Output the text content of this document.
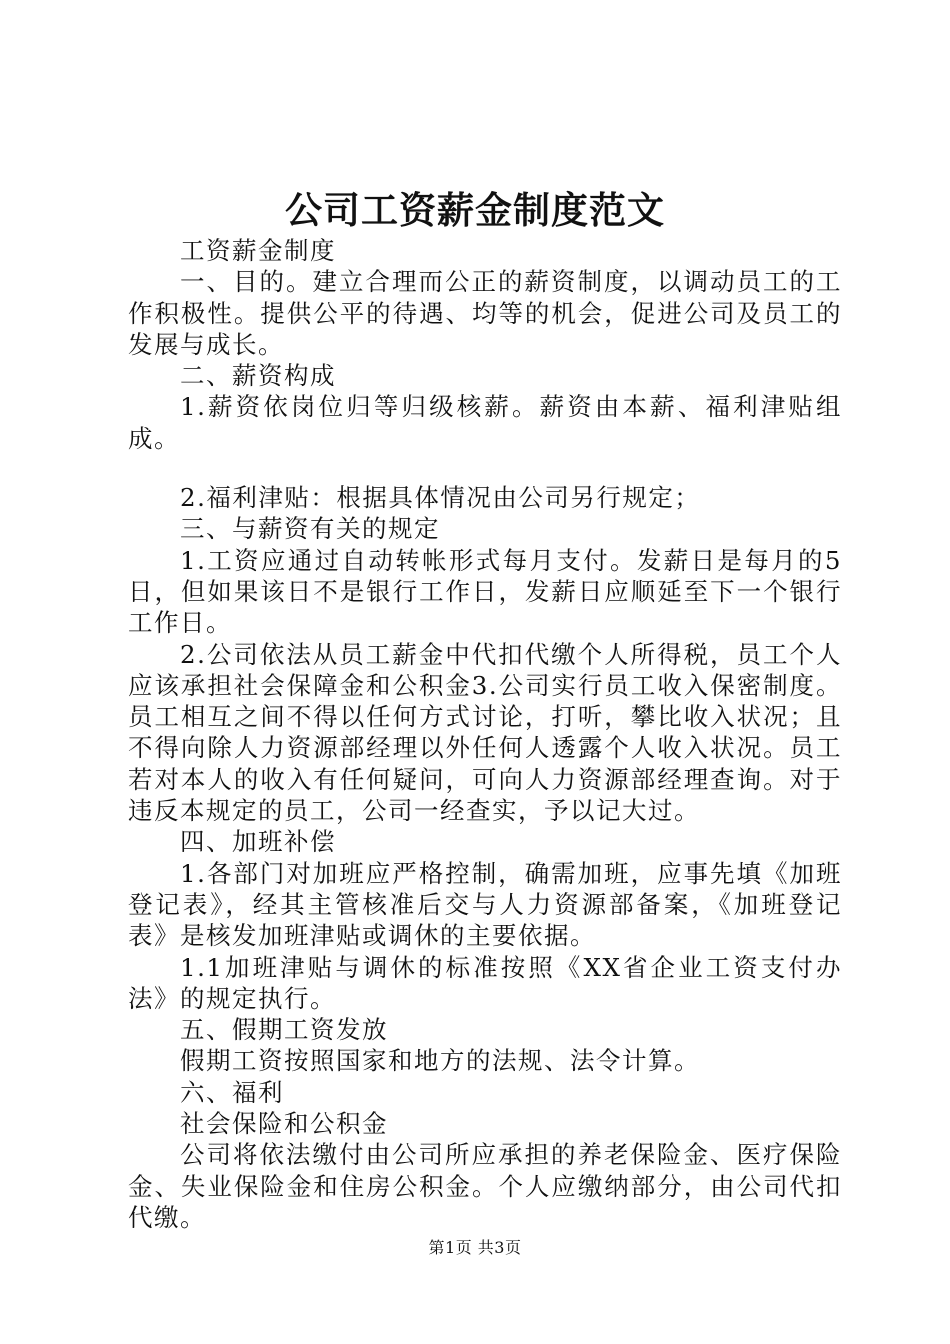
公司工资薪金制度范文

工资薪金制度

一、目的。建立合理而公正的薪资制度，以调动员工的工作积极性。提供公平的待遇、均等的机会，促进公司及员工的发展与成长。

二、薪资构成

1.薪资依岗位归等归级核薪。薪资由本薪、福利津贴组成。

2.福利津贴：根据具体情况由公司另行规定；

三、与薪资有关的规定

1.工资应通过自动转帐形式每月支付。发薪日是每月的5日，但如果该日不是银行工作日，发薪日应顺延至下一个银行工作日。

2.公司依法从员工薪金中代扣代缴个人所得税，员工个人应该承担社会保障金和公积金3.公司实行员工收入保密制度。员工相互之间不得以任何方式讨论，打听，攀比收入状况；且不得向除人力资源部经理以外任何人透露个人收入状况。员工若对本人的收入有任何疑问，可向人力资源部经理查询。对于违反本规定的员工，公司一经查实，予以记大过。

四、加班补偿

1.各部门对加班应严格控制，确需加班，应事先填《加班登记表》，经其主管核准后交与人力资源部备案，《加班登记表》是核发加班津贴或调休的主要依据。

1.1加班津贴与调休的标准按照《XX省企业工资支付办法》的规定执行。

五、假期工资发放

假期工资按照国家和地方的法规、法令计算。

六、福利

社会保险和公积金

公司将依法缴付由公司所应承担的养老保险金、医疗保险金、失业保险金和住房公积金。个人应缴纳部分，由公司代扣代缴。

第1页 共3页
